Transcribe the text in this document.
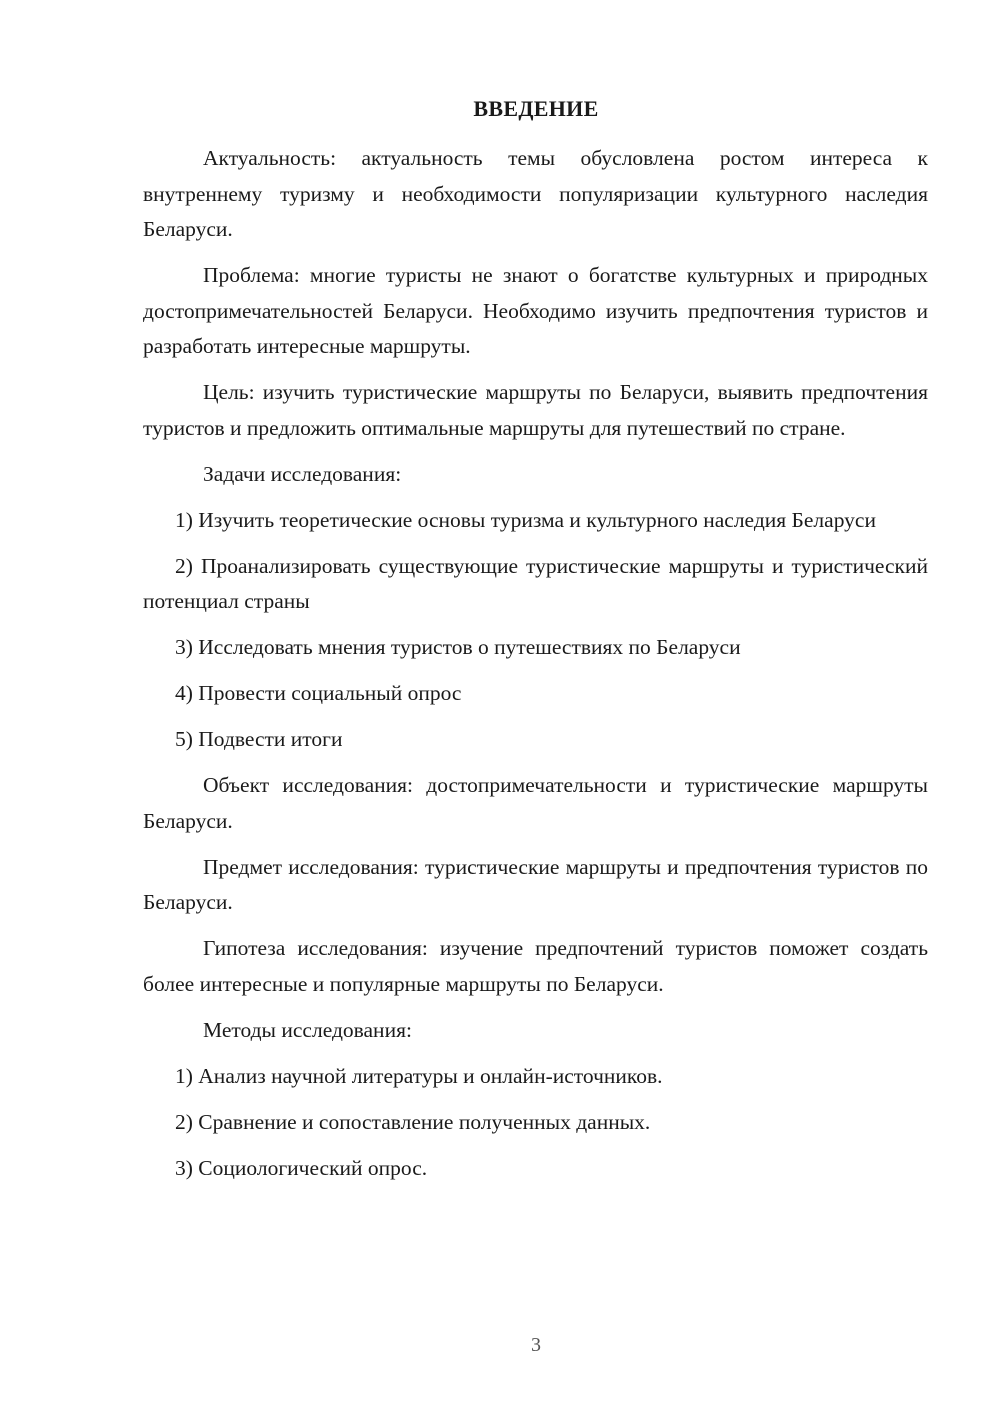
ВВЕДЕНИЕ

Актуальность: актуальность темы обусловлена ростом интереса к внутреннему туризму и необходимости популяризации культурного наследия Беларуси.

Проблема: многие туристы не знают о богатстве культурных и природных достопримечательностей Беларуси. Необходимо изучить предпочтения туристов и разработать интересные маршруты.

Цель: изучить туристические маршруты по Беларуси, выявить предпочтения туристов и предложить оптимальные маршруты для путешествий по стране.

Задачи исследования:

1) Изучить теоретические основы туризма и культурного наследия Беларуси

2) Проанализировать существующие туристические маршруты и туристический потенциал страны

3) Исследовать мнения туристов о путешествиях по Беларуси

4) Провести социальный опрос

5) Подвести итоги

Объект исследования: достопримечательности и туристические маршруты Беларуси.

Предмет исследования: туристические маршруты и предпочтения туристов по Беларуси.

Гипотеза исследования: изучение предпочтений туристов поможет создать более интересные и популярные маршруты по Беларуси.

Методы исследования:

1) Анализ научной литературы и онлайн-источников.

2) Сравнение и сопоставление полученных данных.

3) Социологический опрос.

3
